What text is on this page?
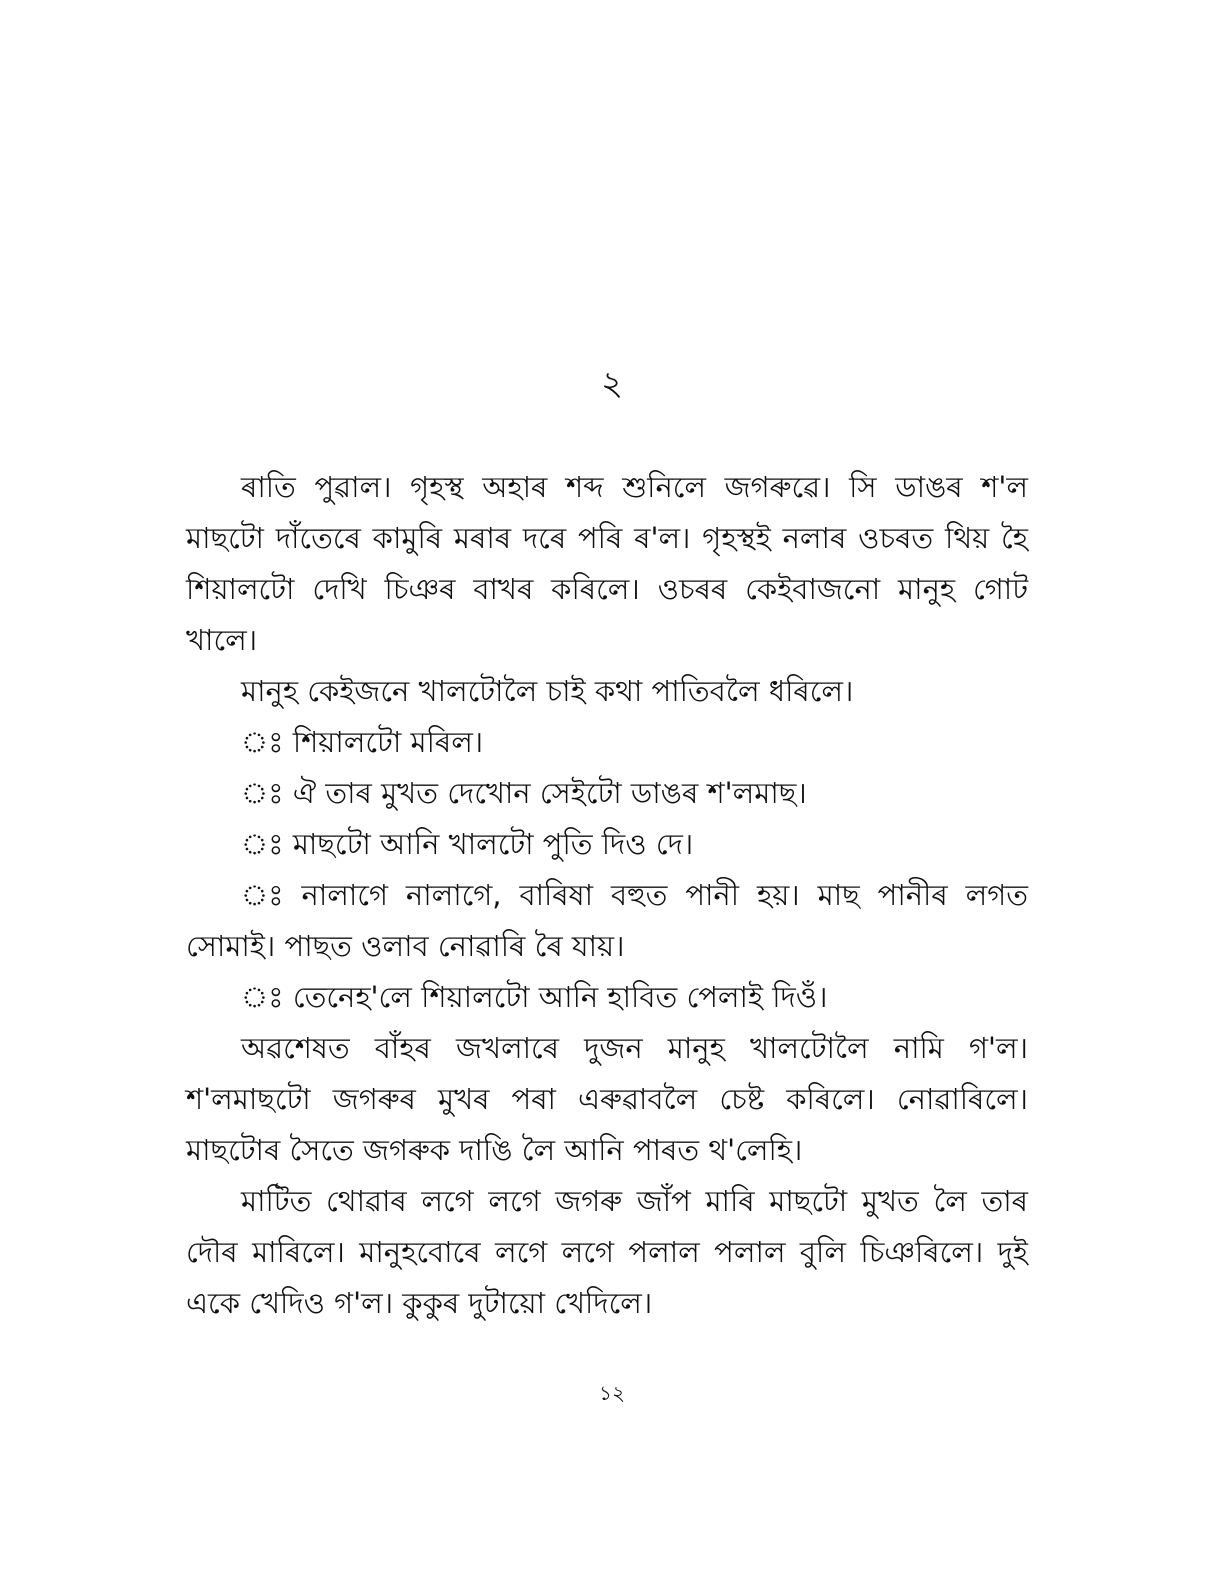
২

ৰাতি পুৱাল। গৃহস্থ অহাৰ শব্দ শুনিলে জগৰুৱে। সি ডাঙৰ শ'ল মাছটো দাঁতেৰে কামুৰি মৰাৰ দৰে পৰি ৰ'ল। গৃহস্থই নলাৰ ওচৰত থিয় হৈ শিয়ালটো দেখি চিঞৰ বাখৰ কৰিলে। ওচৰৰ কেইবাজনো মানুহ গোট খালে।

মানুহ কেইজনে খালটোলৈ চাই কথা পাতিবলৈ ধৰিলে।

ঃ শিয়ালটো মৰিল।

ঃ ঐ তাৰ মুখত দেখোন সেইটো ডাঙৰ শ'লমাছ।

ঃ মাছটো আনি খালটো পুতি দিও দে।

ঃ নালাগে নালাগে, বাৰিষা বহুত পানী হয়। মাছ পানীৰ লগত সোমাই। পাছত ওলাব নোৱাৰি ৰৈ যায়।

ঃ তেনেহ'লে শিয়ালটো আনি হাবিত পেলাই দিওঁ।

অৱশেষত বাঁহৰ জখলাৰে দুজন মানুহ খালটোলৈ নামি গ'ল। শ'লমাছটো জগৰুৰ মুখৰ পৰা এৰুৱাবলৈ চেষ্ট কৰিলে। নোৱাৰিলে। মাছটোৰ সৈতে জগৰুক দাঙি লৈ আনি পাৰত থ'লেহি।

মাটিত থোৱাৰ লগে লগে জগৰু জাঁপ মাৰি মাছটো মুখত লৈ তাৰ দৌৰ মাৰিলে। মানুহবোৰে লগে লগে পলাল পলাল বুলি চিঞৰিলে। দুই একে খেদিও গ'ল। কুকুৰ দুটায়ো খেদিলে।

১২
